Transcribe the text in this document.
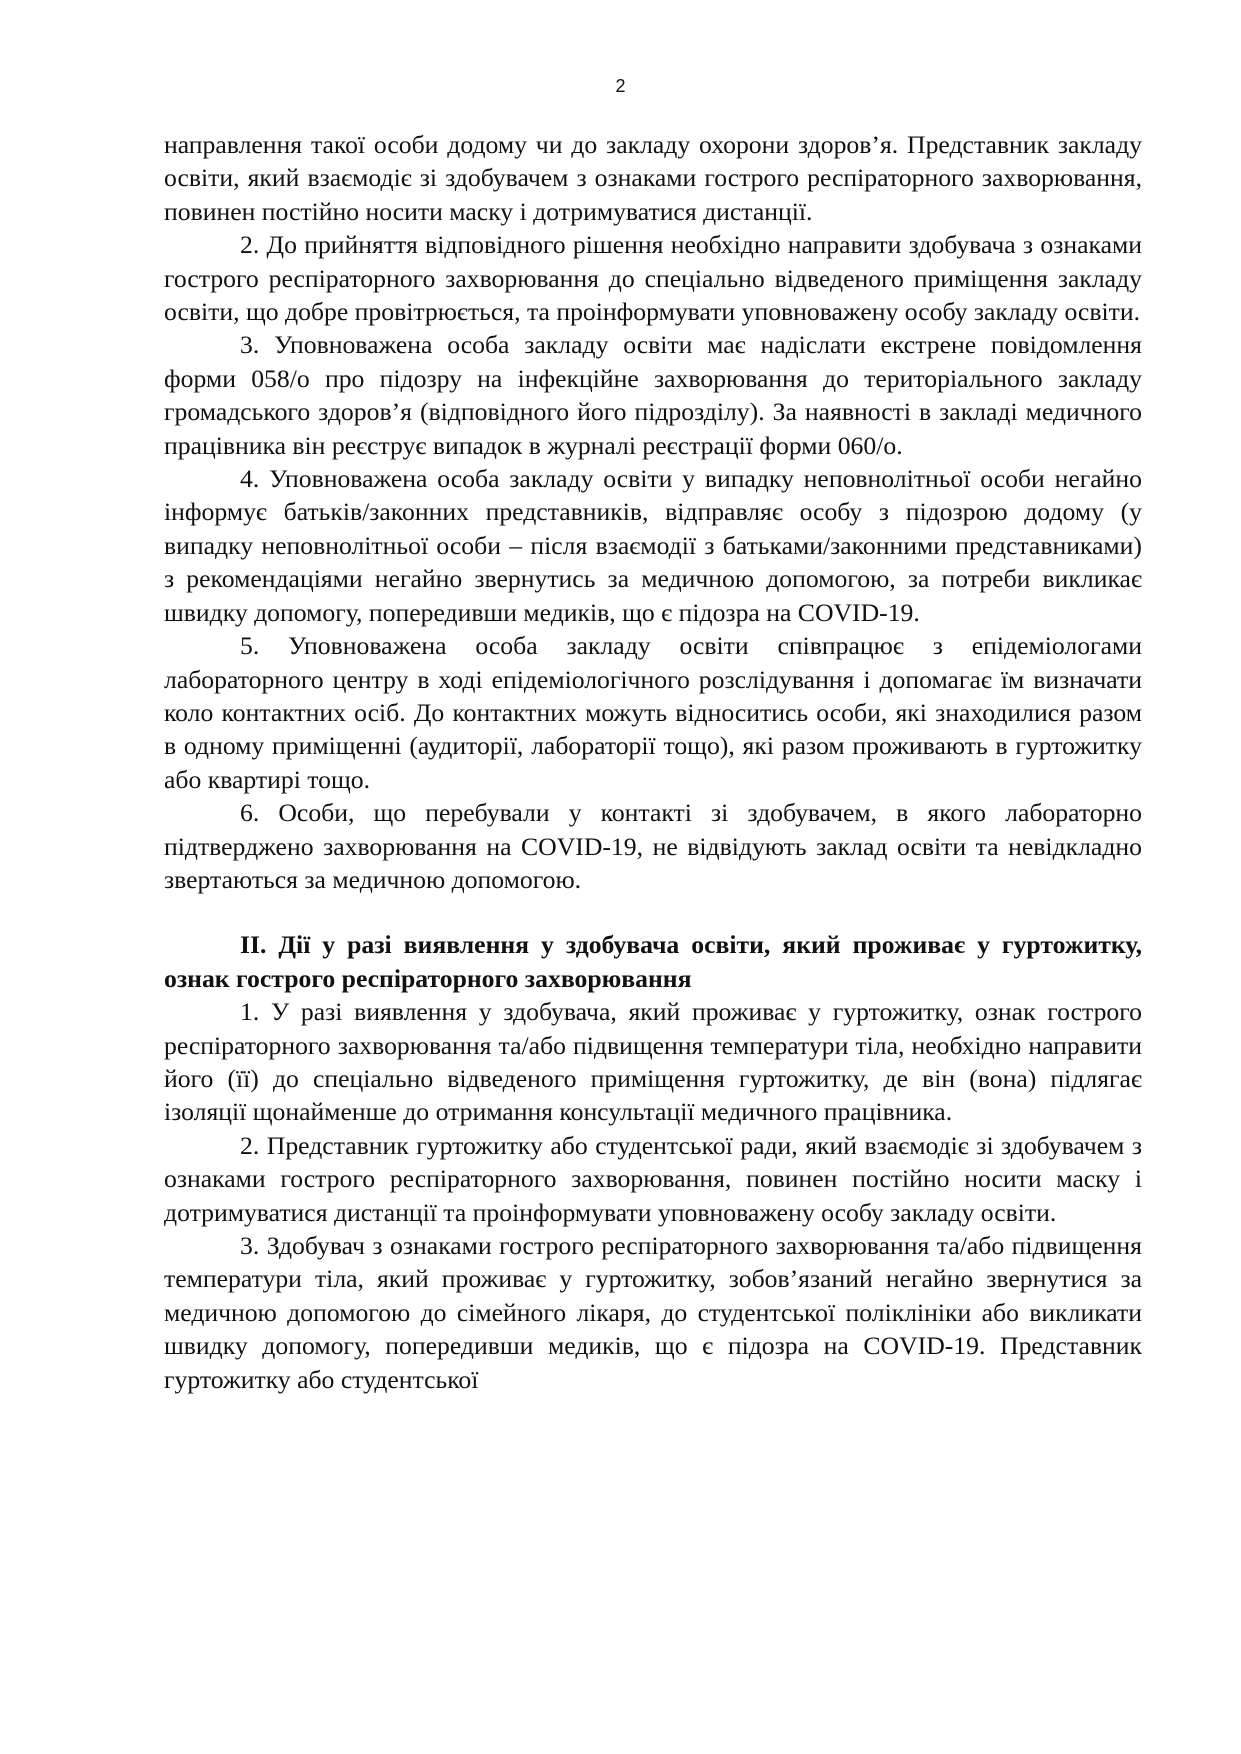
2

направлення такої особи додому чи до закладу охорони здоров’я. Представник закладу освіти, який взаємодіє зі здобувачем з ознаками гострого респіраторного захворювання, повинен постійно носити маску і дотримуватися дистанції.

2. До прийняття відповідного рішення необхідно направити здобувача з ознаками гострого респіраторного захворювання до спеціально відведеного приміщення закладу освіти, що добре провітрюється, та проінформувати уповноважену особу закладу освіти.

3. Уповноважена особа закладу освіти має надіслати екстрене повідомлення форми 058/о про підозру на інфекційне захворювання до територіального закладу громадського здоров’я (відповідного його підрозділу). За наявності в закладі медичного працівника він реєструє випадок в журналі реєстрації форми 060/о.

4. Уповноважена особа закладу освіти у випадку неповнолітньої особи негайно інформує батьків/законних представників, відправляє особу з підозрою додому (у випадку неповнолітньої особи – після взаємодії з батьками/законними представниками) з рекомендаціями негайно звернутись за медичною допомогою, за потреби викликає швидку допомогу, попередивши медиків, що є підозра на COVID-19.

5. Уповноважена особа закладу освіти співпрацює з епідеміологами лабораторного центру в ході епідеміологічного розслідування і допомагає їм визначати коло контактних осіб. До контактних можуть відноситись особи, які знаходилися разом в одному приміщенні (аудиторії, лабораторії тощо), які разом проживають в гуртожитку або квартирі тощо.

6. Особи, що перебували у контакті зі здобувачем, в якого лабораторно підтверджено захворювання на COVID-19, не відвідують заклад освіти та невідкладно звертаються за медичною допомогою.

II. Дії у разі виявлення у здобувача освіти, який проживає у гуртожитку, ознак гострого респіраторного захворювання

1. У разі виявлення у здобувача, який проживає у гуртожитку, ознак гострого респіраторного захворювання та/або підвищення температури тіла, необхідно направити його (її) до спеціально відведеного приміщення гуртожитку, де він (вона) підлягає ізоляції щонайменше до отримання консультації медичного працівника.

2. Представник гуртожитку або студентської ради, який взаємодіє зі здобувачем з ознаками гострого респіраторного захворювання, повинен постійно носити маску і дотримуватися дистанції та проінформувати уповноважену особу закладу освіти.

3. Здобувач з ознаками гострого респіраторного захворювання та/або підвищення температури тіла, який проживає у гуртожитку, зобов’язаний негайно звернутися за медичною допомогою до сімейного лікаря, до студентської поліклініки або викликати швидку допомогу, попередивши медиків, що є підозра на COVID-19. Представник гуртожитку або студентської
